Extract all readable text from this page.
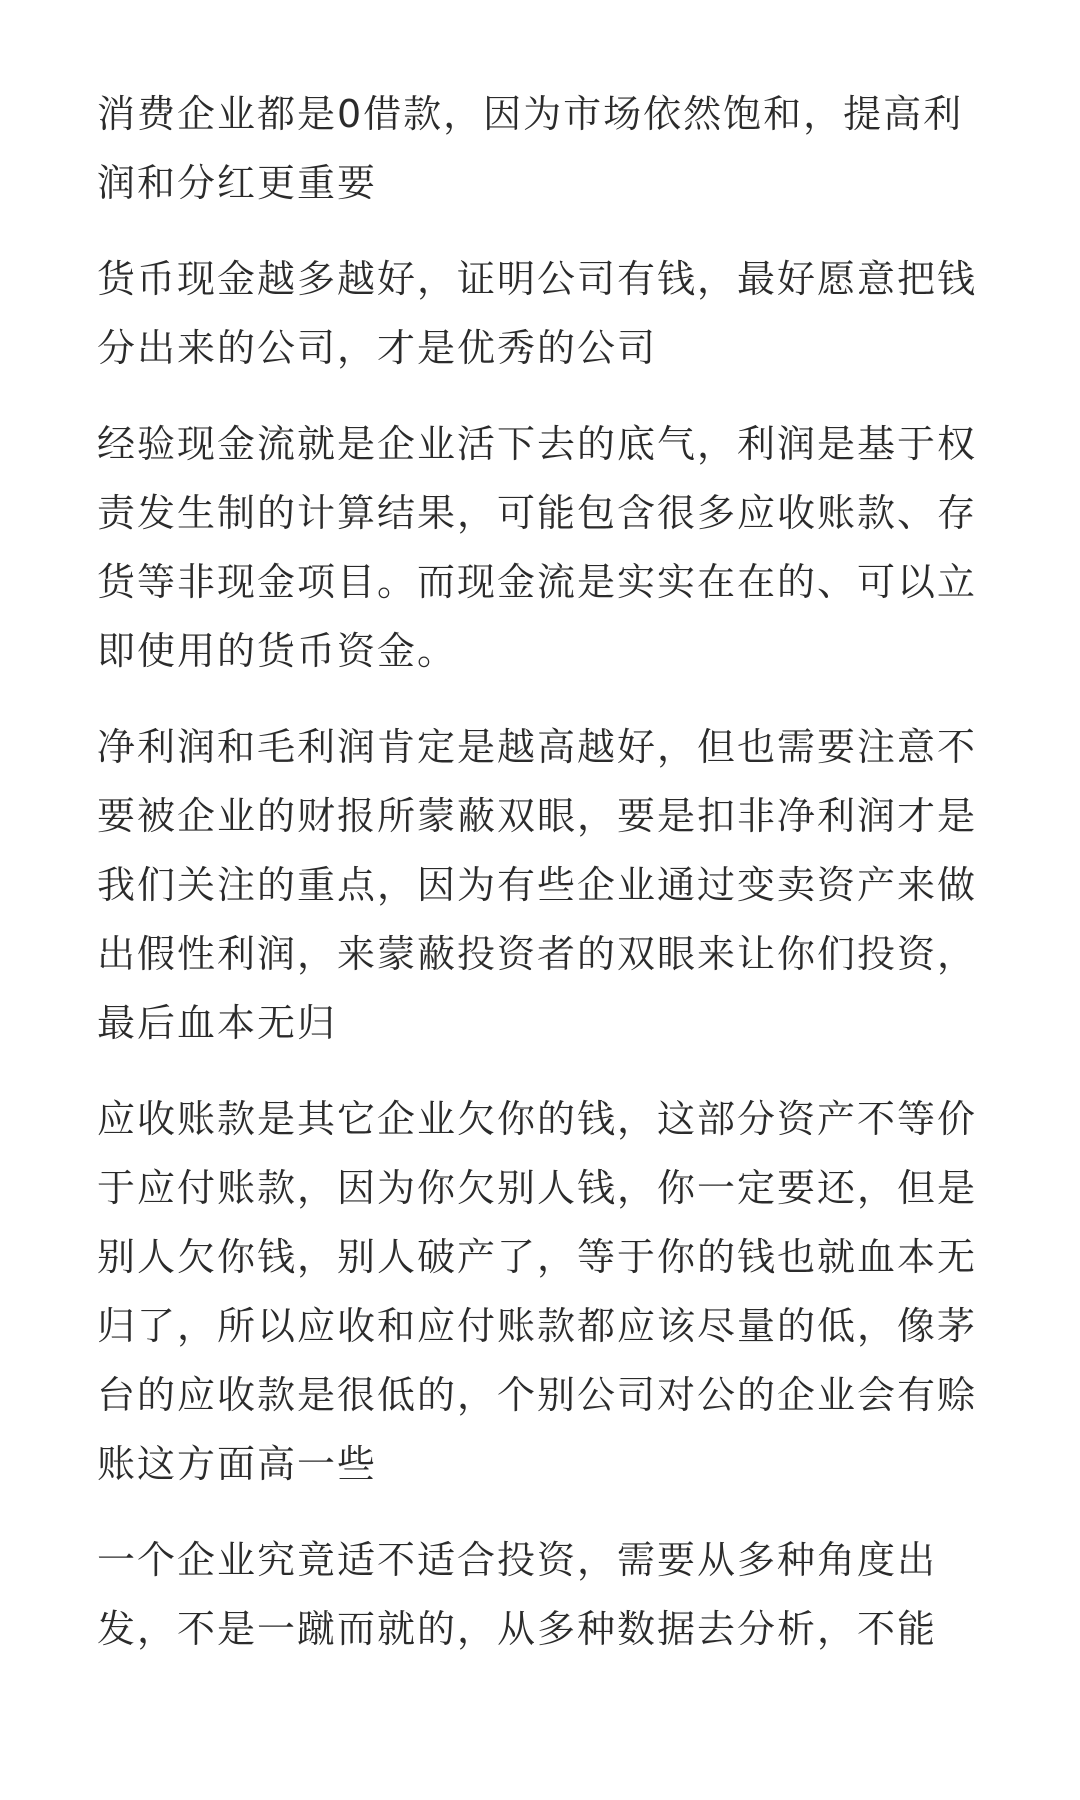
消费企业都是0借款，因为市场依然饱和，提高利润和分红更重要

货币现金越多越好，证明公司有钱，最好愿意把钱分出来的公司，才是优秀的公司

经验现金流就是企业活下去的底气，利润是基于权责发生制的计算结果，可能包含很多应收账款、存货等非现金项目。而现金流是实实在在的、可以立即使用的货币资金。

净利润和毛利润肯定是越高越好，但也需要注意不要被企业的财报所蒙蔽双眼，要是扣非净利润才是我们关注的重点，因为有些企业通过变卖资产来做出假性利润，来蒙蔽投资者的双眼来让你们投资，最后血本无归

应收账款是其它企业欠你的钱，这部分资产不等价于应付账款，因为你欠别人钱，你一定要还，但是别人欠你钱，别人破产了，等于你的钱也就血本无归了，所以应收和应付账款都应该尽量的低，像茅台的应收款是很低的，个别公司对公的企业会有赊账这方面高一些

一个企业究竟适不适合投资，需要从多种角度出发，不是一蹴而就的，从多种数据去分析，不能
